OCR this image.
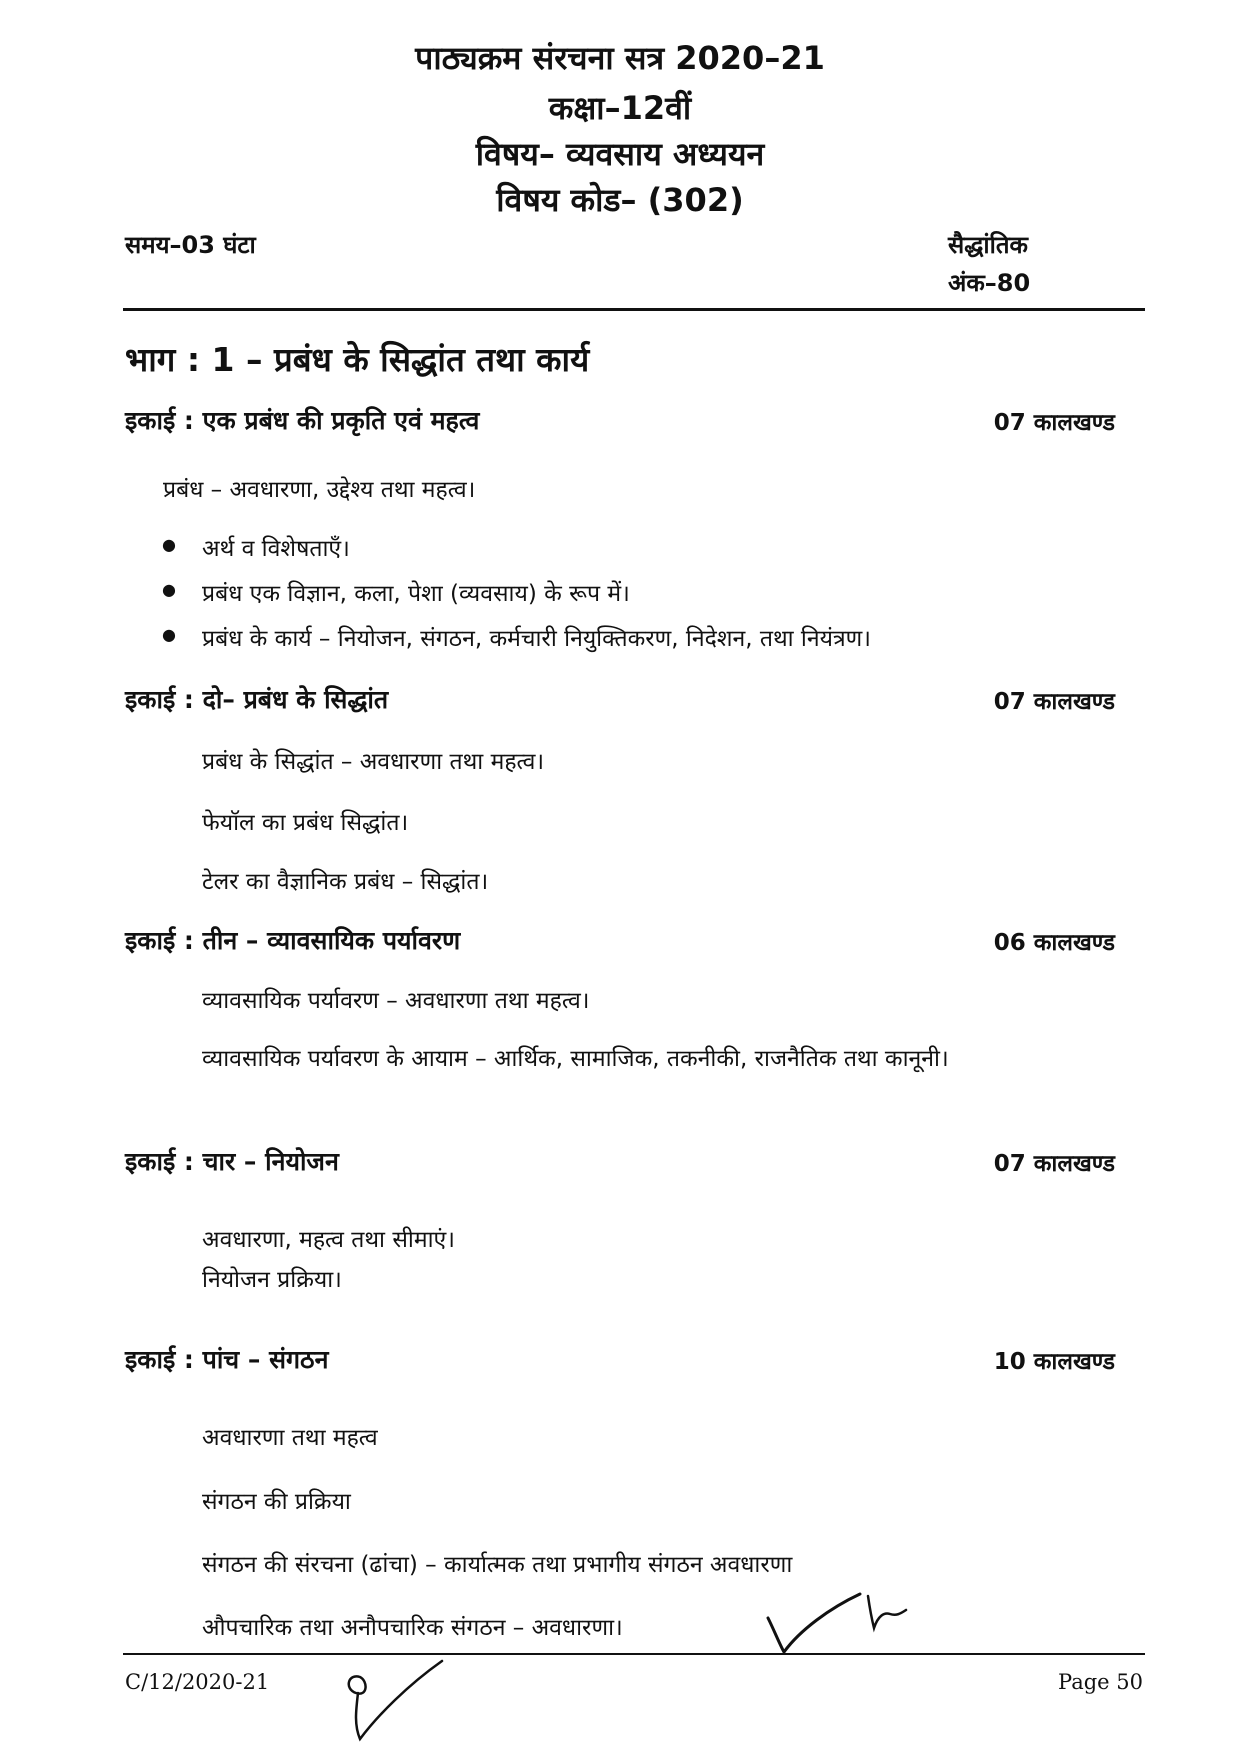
पाठ्यक्रम संरचना सत्र 2020–21
कक्षा–12वीं
विषय– व्यवसाय अध्ययन
विषय कोड– (302)
समय–03 घंटा	सैद्धांतिक
अंक–80
भाग : 1 – प्रबंध के सिद्धांत तथा कार्य
इकाई : एक प्रबंध की प्रकृति एवं महत्व	07 कालखण्ड
प्रबंध – अवधारणा, उद्देश्य तथा महत्व।
● अर्थ व विशेषताएँ।
● प्रबंध एक विज्ञान, कला, पेशा (व्यवसाय) के रूप में।
● प्रबंध के कार्य – नियोजन, संगठन, कर्मचारी नियुक्तिकरण, निदेशन, तथा नियंत्रण।
इकाई : दो– प्रबंध के सिद्धांत	07 कालखण्ड
प्रबंध के सिद्धांत – अवधारणा तथा महत्व।
फेयॉल का प्रबंध सिद्धांत।
टेलर का वैज्ञानिक प्रबंध – सिद्धांत।
इकाई : तीन – व्यावसायिक पर्यावरण	06 कालखण्ड
व्यावसायिक पर्यावरण – अवधारणा तथा महत्व।
व्यावसायिक पर्यावरण के आयाम – आर्थिक, सामाजिक, तकनीकी, राजनैतिक तथा कानूनी।
इकाई : चार – नियोजन	07 कालखण्ड
अवधारणा, महत्व तथा सीमाएं।
नियोजन प्रक्रिया।
इकाई : पांच – संगठन	10 कालखण्ड
अवधारणा तथा महत्व
संगठन की प्रक्रिया
संगठन की संरचना (ढांचा) – कार्यात्मक तथा प्रभागीय संगठन अवधारणा
औपचारिक तथा अनौपचारिक संगठन – अवधारणा।
C/12/2020-21	Page 50
